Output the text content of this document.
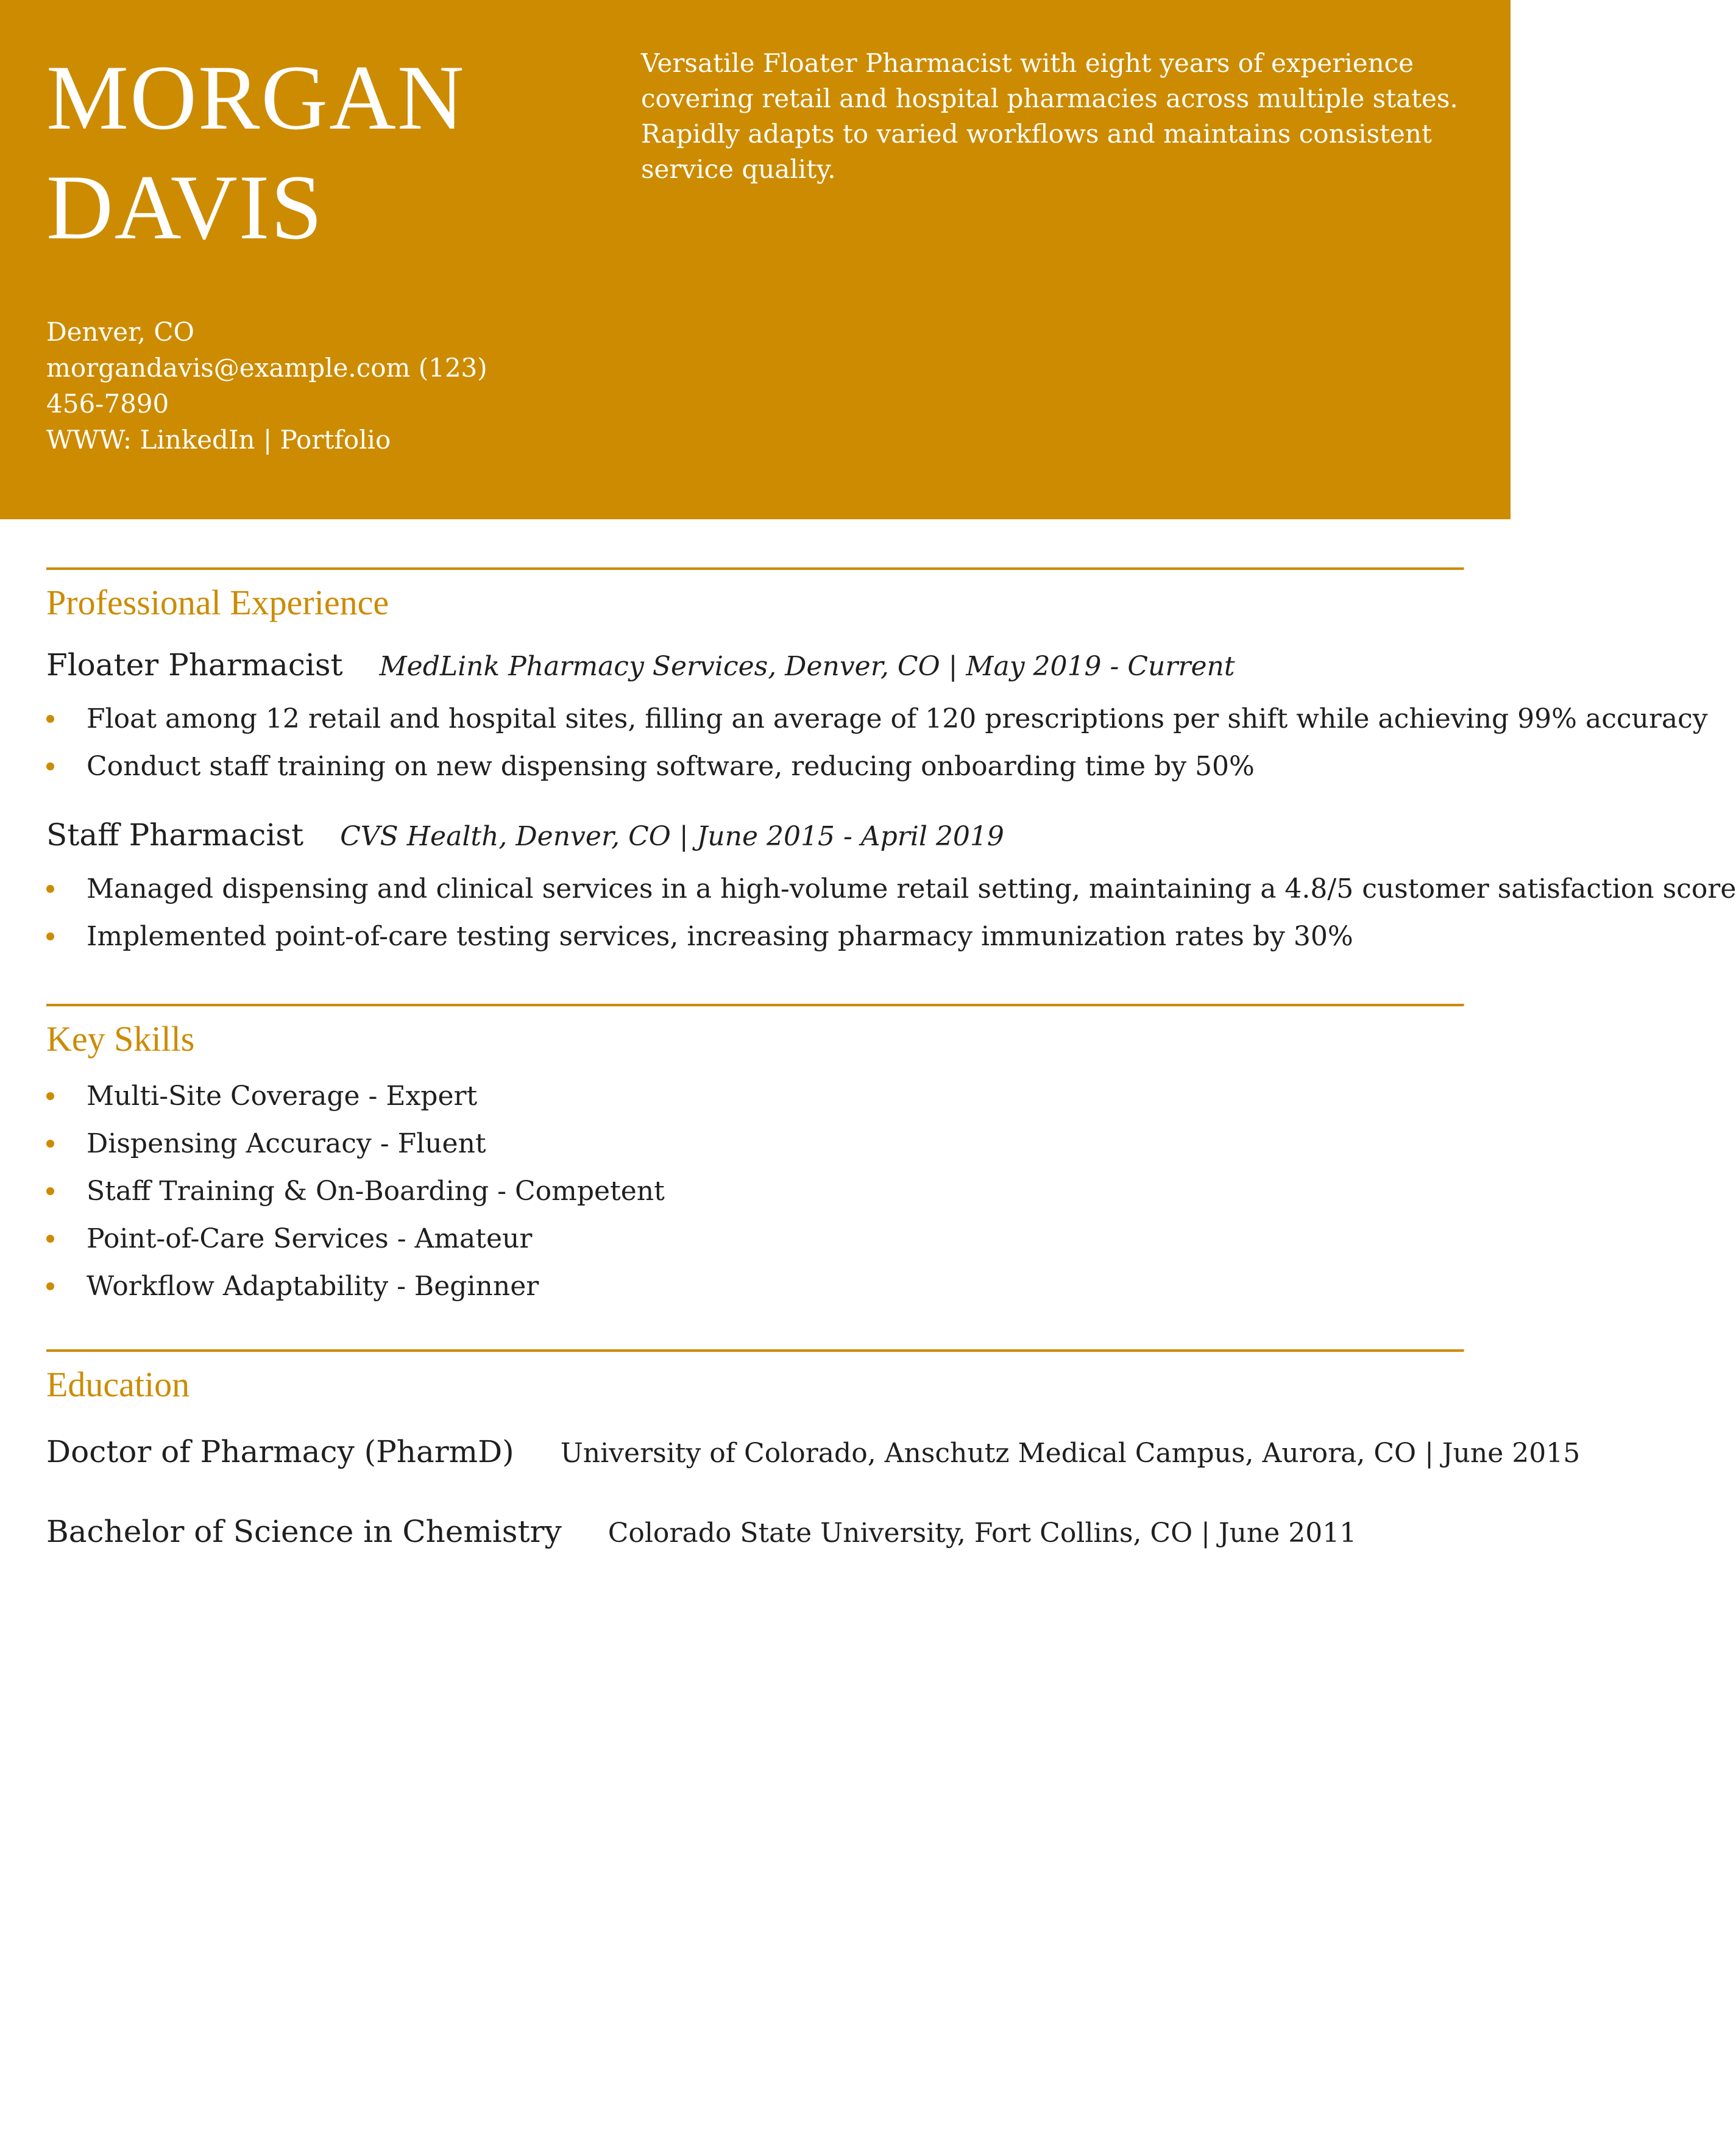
MORGAN
DAVIS

Versatile Floater Pharmacist with eight years of experience covering retail and hospital pharmacies across multiple states. Rapidly adapts to varied workflows and maintains consistent service quality.

Denver, CO
morgandavis@example.com (123)
456-7890
WWW: LinkedIn | Portfolio
Professional Experience
Floater Pharmacist MedLink Pharmacy Services, Denver, CO | May 2019 - Current
Float among 12 retail and hospital sites, filling an average of 120 prescriptions per shift while achieving 99% accuracy
Conduct staff training on new dispensing software, reducing onboarding time by 50%
Staff Pharmacist CVS Health, Denver, CO | June 2015 - April 2019
Managed dispensing and clinical services in a high-volume retail setting, maintaining a 4.8/5 customer satisfaction score
Implemented point-of-care testing services, increasing pharmacy immunization rates by 30%
Key Skills
Multi-Site Coverage - Expert
Dispensing Accuracy - Fluent
Staff Training & On-Boarding - Competent
Point-of-Care Services - Amateur
Workflow Adaptability - Beginner
Education
Doctor of Pharmacy (PharmD) University of Colorado, Anschutz Medical Campus, Aurora, CO | June 2015
Bachelor of Science in Chemistry Colorado State University, Fort Collins, CO | June 2011
